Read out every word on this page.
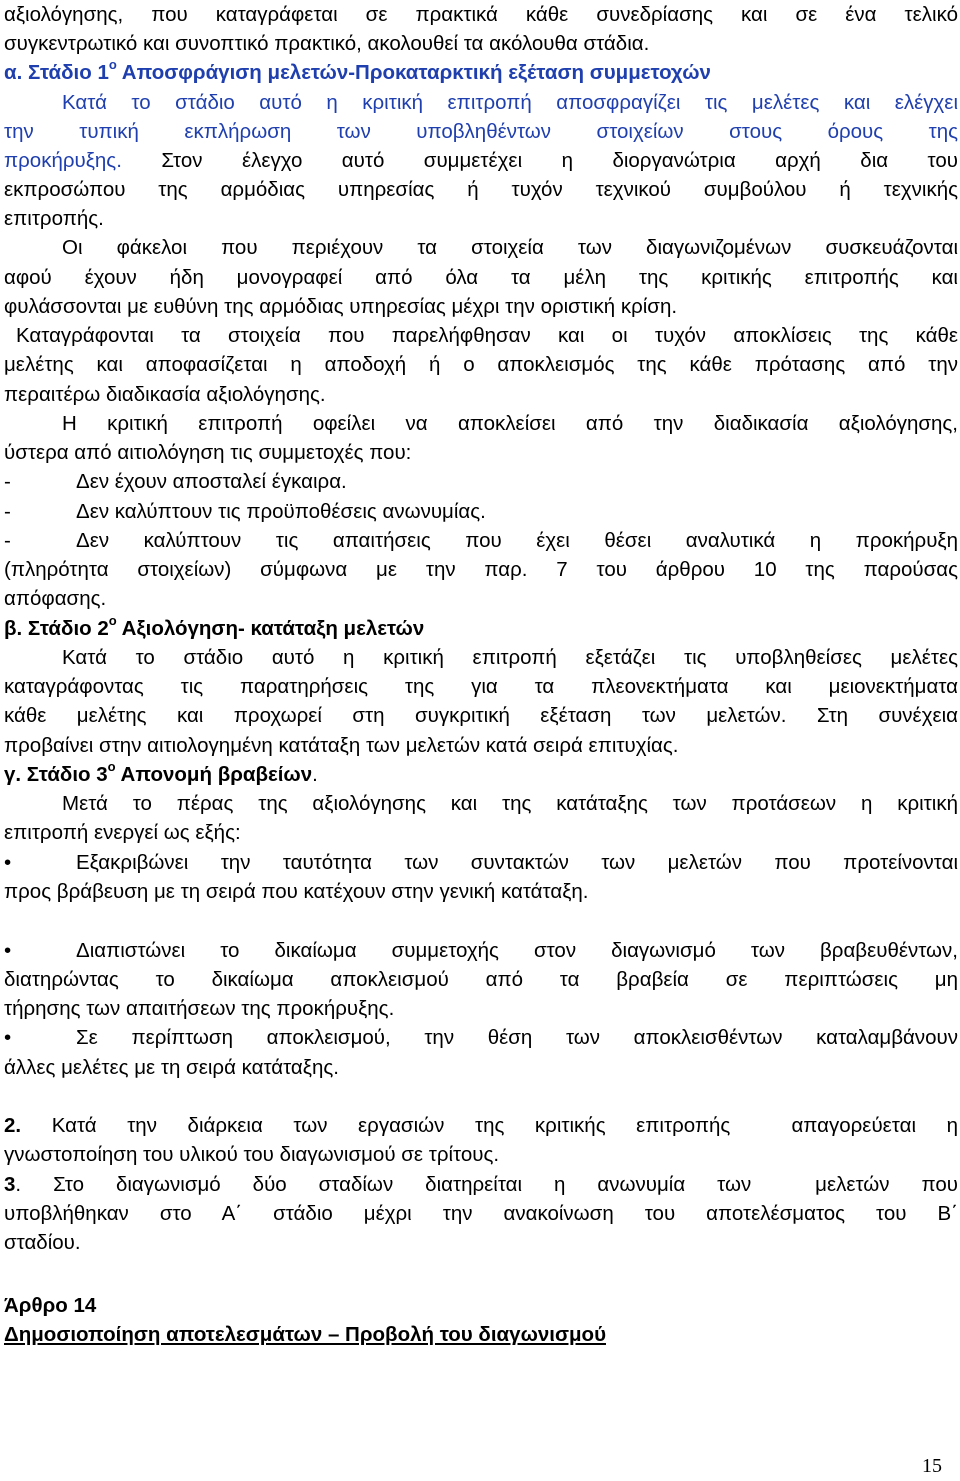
αξιολόγησης, που καταγράφεται σε πρακτικά κάθε συνεδρίασης και σε ένα τελικό
συγκεντρωτικό και συνοπτικό πρακτικό, ακολουθεί τα ακόλουθα στάδια.
α. Στάδιο $1^o$ Αποσφράγιση μελετών-Προκαταρκτική εξέταση συμμετοχών
Κατά το στάδιο αυτό η κριτική επιτροπή αποσφραγίζει τις μελέτες και ελέγχει
την τυπική εκπλήρωση των υποβληθέντων στοιχείων στους όρους της
προκήρυξης. Στον έλεγχο αυτό συμμετέχει η διοργανώτρια αρχή δια του
εκπροσώπου της αρμόδιας υπηρεσίας ή τυχόν τεχνικού συμβούλου ή τεχνικής
επιτροπής.
Οι φάκελοι που περιέχουν τα στοιχεία των διαγωνιζομένων συσκευάζονται
αφού έχουν ήδη μονογραφεί από όλα τα μέλη της κριτικής επιτροπής και
φυλάσσονται με ευθύνη της αρμόδιας υπηρεσίας μέχρι την οριστική κρίση.
Καταγράφονται τα στοιχεία που παρελήφθησαν και οι τυχόν αποκλίσεις της κάθε
μελέτης και αποφασίζεται η αποδοχή ή ο αποκλεισμός της κάθε πρότασης από την
περαιτέρω διαδικασία αξιολόγησης.
Η κριτική επιτροπή οφείλει να αποκλείσει από την διαδικασία αξιολόγησης,
ύστερα από αιτιολόγηση τις συμμετοχές που:
-	Δεν έχουν αποσταλεί έγκαιρα.
-	Δεν καλύπτουν τις προϋποθέσεις ανωνυμίας.
-	Δεν καλύπτουν τις απαιτήσεις που έχει θέσει αναλυτικά η προκήρυξη
(πληρότητα στοιχείων) σύμφωνα με την παρ. 7 του άρθρου 10 της παρούσας
απόφασης.
β. Στάδιο $2^o$ Αξιολόγηση- κατάταξη μελετών
Κατά το στάδιο αυτό η κριτική επιτροπή εξετάζει τις υποβληθείσες μελέτες
καταγράφοντας τις παρατηρήσεις της για τα πλεονεκτήματα και μειονεκτήματα
κάθε μελέτης και προχωρεί στη συγκριτική εξέταση των μελετών. Στη συνέχεια
προβαίνει στην αιτιολογημένη κατάταξη των μελετών κατά σειρά επιτυχίας.
γ. Στάδιο $3^o$ Απονομή βραβείων.
Μετά το πέρας της αξιολόγησης και της κατάταξης των προτάσεων η κριτική
επιτροπή ενεργεί ως εξής:
•	Εξακριβώνει την ταυτότητα των συντακτών των μελετών που προτείνονται
προς βράβευση με τη σειρά που κατέχουν στην γενική κατάταξη.
•	Διαπιστώνει το δικαίωμα συμμετοχής στον διαγωνισμό των βραβευθέντων,
διατηρώντας το δικαίωμα αποκλεισμού από τα βραβεία σε περιπτώσεις μη
τήρησης των απαιτήσεων της προκήρυξης.
•	Σε περίπτωση αποκλεισμού, την θέση των αποκλεισθέντων καταλαμβάνουν
άλλες μελέτες με τη σειρά κατάταξης.
2. Κατά την διάρκεια των εργασιών της κριτικής επιτροπής  απαγορεύεται η
γνωστοποίηση του υλικού του διαγωνισμού σε τρίτους.
3 . Στο διαγωνισμό δύο σταδίων διατηρείται η ανωνυμία των  μελετών που
υποβλήθηκαν στο Α΄ στάδιο μέχρι την ανακοίνωση του αποτελέσματος του Β΄
σταδίου.
Άρθρο 14
Δημοσιοποίηση αποτελεσμάτων – Προβολή του διαγωνισμού
15
